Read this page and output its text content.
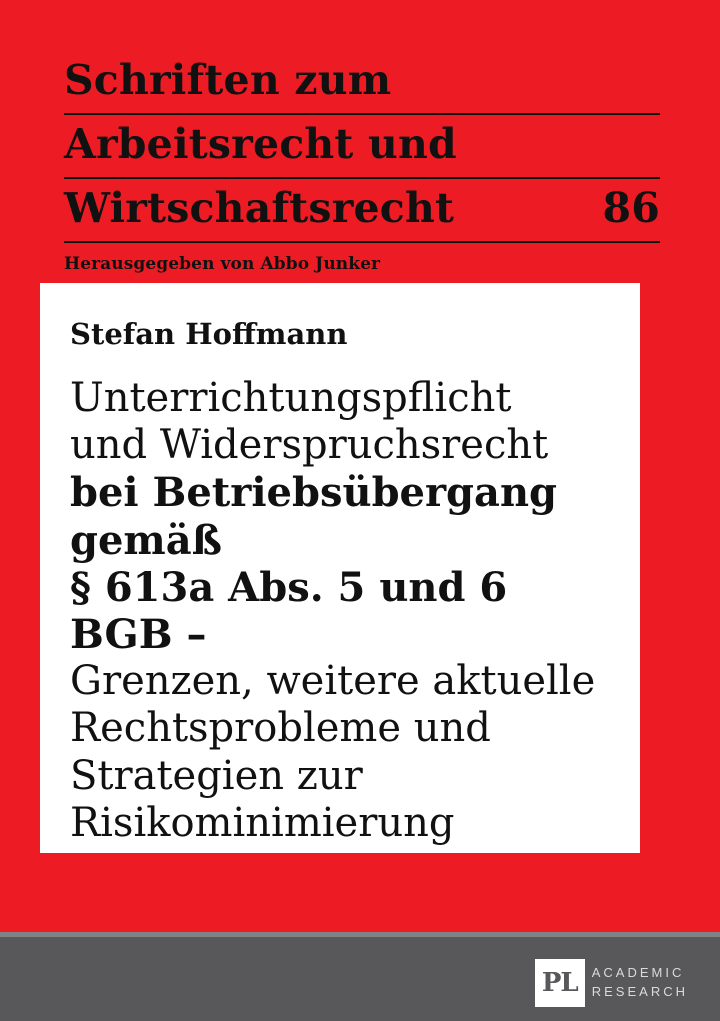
Schriften zum
Arbeitsrecht und
Wirtschaftsrecht	86
Herausgegeben von Abbo Junker
Stefan Hoffmann
Unterrichtungspflicht
und Widerspruchsrecht
bei Betriebsübergang gemäß
§ 613a Abs. 5 und 6 BGB –
Grenzen, weitere aktuelle
Rechtsprobleme und
Strategien zur
Risikominimierung
PL	ACADEMIC
RESEARCH
